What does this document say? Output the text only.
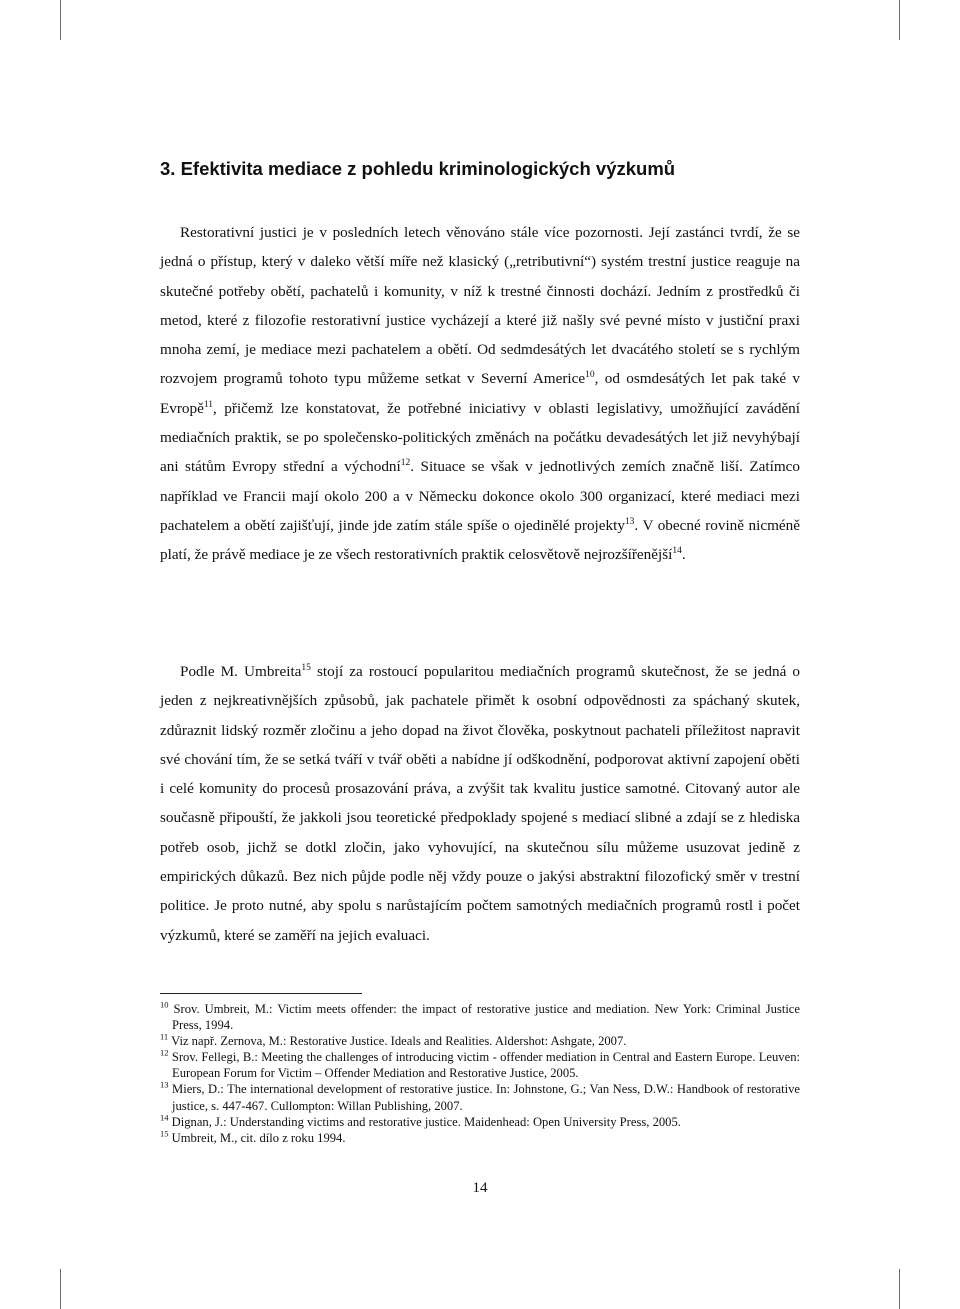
3. Efektivita mediace z pohledu kriminologických výzkumů

Restorativní justici je v posledních letech věnováno stále více pozornosti. Její zastánci tvrdí, že se jedná o přístup, který v daleko větší míře než klasický („retributivní“) systém trestní justice reaguje na skutečné potřeby obětí, pachatelů i komunity, v níž k trestné činnosti dochází. Jedním z prostředků či metod, které z filozofie restorativní justice vycházejí a které již našly své pevné místo v justiční praxi mnoha zemí, je mediace mezi pachatelem a obětí. Od sedmdesátých let dvacátého století se s rychlým rozvojem programů tohoto typu můžeme setkat v Severní Americe$^{10}$, od osmdesátých let pak také v Evropě$^{11}$, přičemž lze konstatovat, že potřebné iniciativy v oblasti legislativy, umožňující zavádění mediačních praktik, se po společensko-politických změnách na počátku devadesátých let již nevyhýbají ani státům Evropy střední a východní$^{12}$. Situace se však v jednotlivých zemích značně liší. Zatímco například ve Francii mají okolo 200 a v Německu dokonce okolo 300 organizací, které mediaci mezi pachatelem a obětí zajišťují, jinde jde zatím stále spíše o ojedinělé projekty$^{13}$. V obecné rovině nicméně platí, že právě mediace je ze všech restorativních praktik celosvětově nejrozšířenější$^{14}$.

Podle M. Umbreita$^{15}$ stojí za rostoucí popularitou mediačních programů skutečnost, že se jedná o jeden z nejkreativnějších způsobů, jak pachatele přimět k osobní odpovědnosti za spáchaný skutek, zdůraznit lidský rozměr zločinu a jeho dopad na život člověka, poskytnout pachateli příležitost napravit své chování tím, že se setká tváří v tvář oběti a nabídne jí odškodnění, podporovat aktivní zapojení oběti i celé komunity do procesů prosazování práva, a zvýšit tak kvalitu justice samotné. Citovaný autor ale současně připouští, že jakkoli jsou teoretické předpoklady spojené s mediací slibné a zdají se z hlediska potřeb osob, jichž se dotkl zločin, jako vyhovující, na skutečnou sílu můžeme usuzovat jedině z empirických důkazů. Bez nich půjde podle něj vždy pouze o jakýsi abstraktní filozofický směr v trestní politice. Je proto nutné, aby spolu s narůstajícím počtem samotných mediačních programů rostl i počet výzkumů, které se zaměří na jejich evaluaci.

$^{10}$ Srov. Umbreit, M.: Victim meets offender: the impact of restorative justice and mediation. New York: Criminal Justice Press, 1994.
$^{11}$ Viz např. Zernova, M.: Restorative Justice. Ideals and Realities. Aldershot: Ashgate, 2007.
$^{12}$ Srov. Fellegi, B.: Meeting the challenges of introducing victim - offender mediation in Central and Eastern Europe. Leuven: European Forum for Victim – Offender Mediation and Restorative Justice, 2005.
$^{13}$ Miers, D.: The international development of restorative justice. In: Johnstone, G.; Van Ness, D.W.: Handbook of restorative justice, s. 447-467. Cullompton: Willan Publishing, 2007.
$^{14}$ Dignan, J.: Understanding victims and restorative justice. Maidenhead: Open University Press, 2005.
$^{15}$ Umbreit, M., cit. dílo z roku 1994.
14
